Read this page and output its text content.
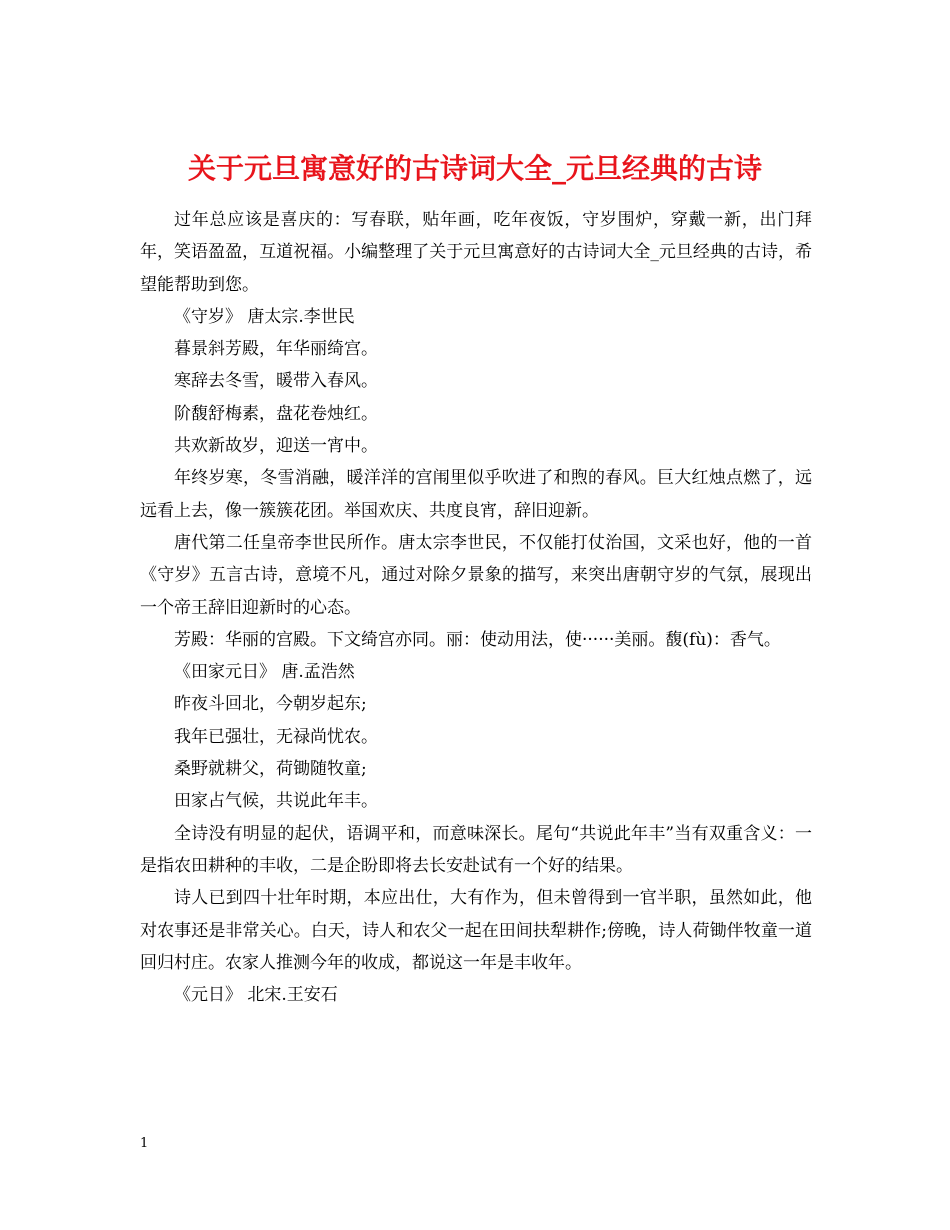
关于元旦寓意好的古诗词大全_元旦经典的古诗

过年总应该是喜庆的：写春联，贴年画，吃年夜饭，守岁围炉，穿戴一新，出门拜年，笑语盈盈，互道祝福。小编整理了关于元旦寓意好的古诗词大全_元旦经典的古诗，希望能帮助到您。

《守岁》 唐太宗.李世民

暮景斜芳殿，年华丽绮宫。

寒辞去冬雪，暖带入春风。

阶馥舒梅素，盘花卷烛红。

共欢新故岁，迎送一宵中。

年终岁寒，冬雪消融，暖洋洋的宫闱里似乎吹进了和煦的春风。巨大红烛点燃了，远远看上去，像一簇簇花团。举国欢庆、共度良宵，辞旧迎新。

唐代第二任皇帝李世民所作。唐太宗李世民，不仅能打仗治国，文采也好，他的一首《守岁》五言古诗，意境不凡，通过对除夕景象的描写，来突出唐朝守岁的气氛，展现出一个帝王辞旧迎新时的心态。

芳殿：华丽的宫殿。下文绮宫亦同。丽：使动用法，使······美丽。馥(fù)：香气。

《田家元日》 唐.孟浩然

昨夜斗回北，今朝岁起东;

我年已强壮，无禄尚忧农。

桑野就耕父，荷锄随牧童;

田家占气候，共说此年丰。

全诗没有明显的起伏，语调平和，而意味深长。尾句“共说此年丰”当有双重含义：一是指农田耕种的丰收，二是企盼即将去长安赴试有一个好的结果。

诗人已到四十壮年时期，本应出仕，大有作为，但未曾得到一官半职，虽然如此，他对农事还是非常关心。白天，诗人和农父一起在田间扶犁耕作;傍晚，诗人荷锄伴牧童一道回归村庄。农家人推测今年的收成，都说这一年是丰收年。

《元日》 北宋.王安石

1
